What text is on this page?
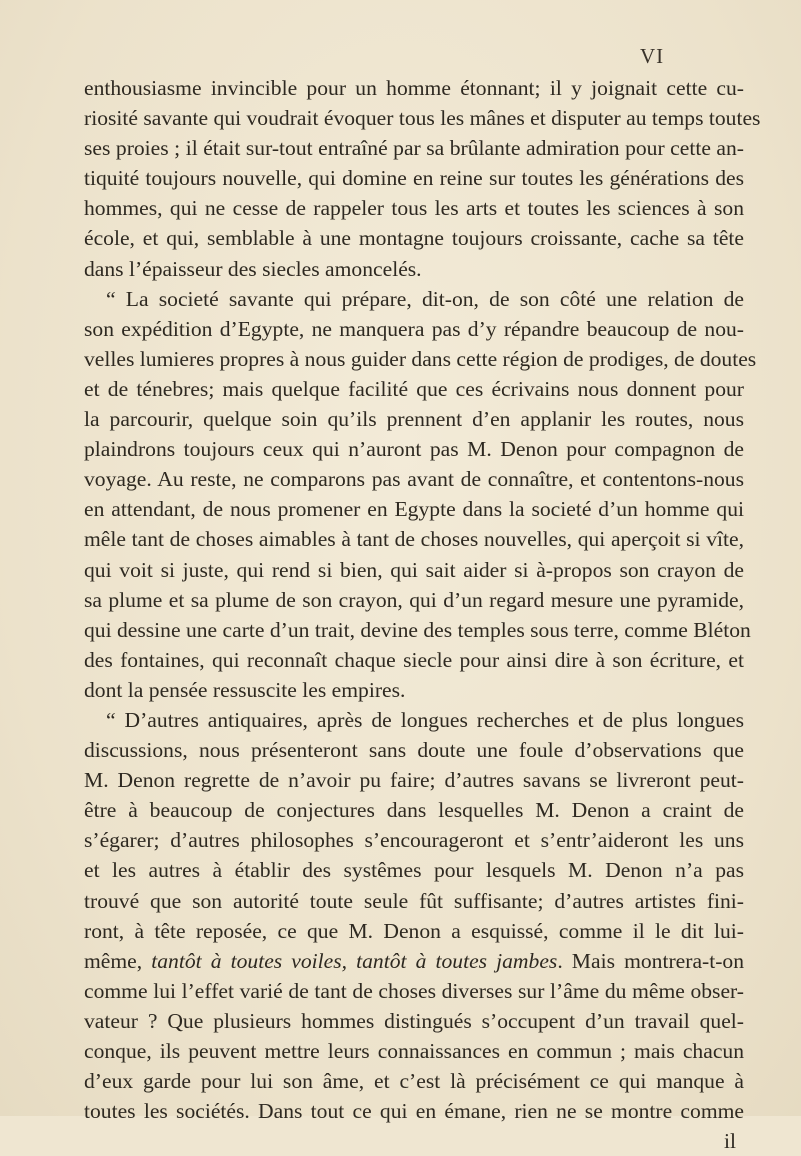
VI
enthousiasme invincible pour un homme étonnant; il y joignait cette cu-
riosité savante qui voudrait évoquer tous les mânes et disputer au temps toutes
ses proies ; il était sur-tout entraîné par sa brûlante admiration pour cette an-
tiquité toujours nouvelle, qui domine en reine sur toutes les générations des
hommes, qui ne cesse de rappeler tous les arts et toutes les sciences à son
école, et qui, semblable à une montagne toujours croissante, cache sa tête
dans l’épaisseur des siecles amoncelés.
“ La societé savante qui prépare, dit-on, de son côté une relation de
son expédition d’Egypte, ne manquera pas d’y répandre beaucoup de nou-
velles lumieres propres à nous guider dans cette région de prodiges, de doutes
et de ténebres; mais quelque facilité que ces écrivains nous donnent pour
la parcourir, quelque soin qu’ils prennent d’en applanir les routes, nous
plaindrons toujours ceux qui n’auront pas M. Denon pour compagnon de
voyage. Au reste, ne comparons pas avant de connaître, et contentons-nous
en attendant, de nous promener en Egypte dans la societé d’un homme qui
mêle tant de choses aimables à tant de choses nouvelles, qui aperçoit si vîte,
qui voit si juste, qui rend si bien, qui sait aider si à-propos son crayon de
sa plume et sa plume de son crayon, qui d’un regard mesure une pyramide,
qui dessine une carte d’un trait, devine des temples sous terre, comme Bléton
des fontaines, qui reconnaît chaque siecle pour ainsi dire à son écriture, et
dont la pensée ressuscite les empires.
“ D’autres antiquaires, après de longues recherches et de plus longues
discussions, nous présenteront sans doute une foule d’observations que
M. Denon regrette de n’avoir pu faire; d’autres savans se livreront peut-
être à beaucoup de conjectures dans lesquelles M. Denon a craint de
s’égarer; d’autres philosophes s’encourageront et s’entr’aideront les uns
et les autres à établir des systêmes pour lesquels M. Denon n’a pas
trouvé que son autorité toute seule fût suffisante; d’autres artistes fini-
ront, à tête reposée, ce que M. Denon a esquissé, comme il le dit lui-
même, tantôt à toutes voiles, tantôt à toutes jambes. Mais montrera-t-on
comme lui l’effet varié de tant de choses diverses sur l’âme du même obser-
vateur ? Que plusieurs hommes distingués s’occupent d’un travail quel-
conque, ils peuvent mettre leurs connaissances en commun ; mais chacun
d’eux garde pour lui son âme, et c’est là précisément ce qui manque à
toutes les sociétés. Dans tout ce qui en émane, rien ne se montre comme
il
